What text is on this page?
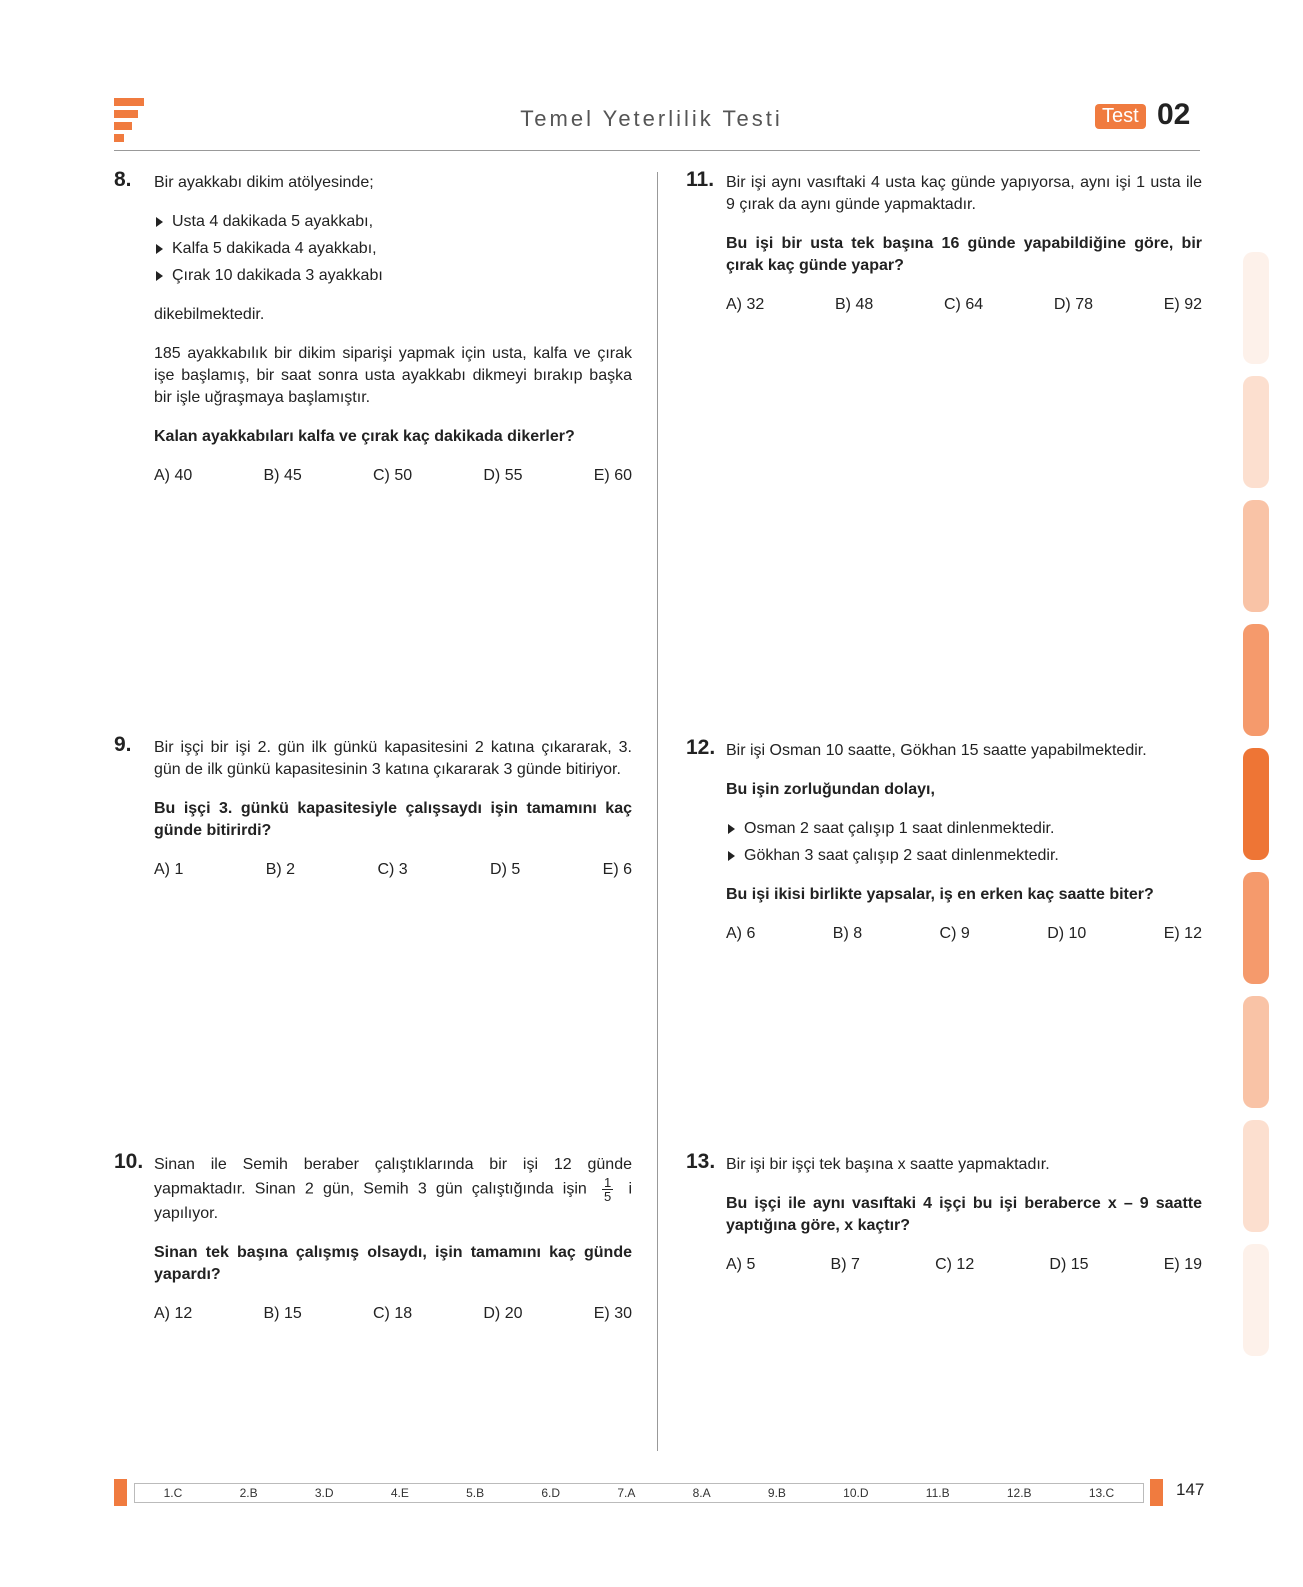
Temel Yeterlilik Testi	Test 02
8. Bir ayakkabı dikim atölyesinde;

Usta 4 dakikada 5 ayakkabı,
Kalfa 5 dakikada 4 ayakkabı,
Çırak 10 dakikada 3 ayakkabı

dikebilmektedir.

185 ayakkabılık bir dikim siparişi yapmak için usta, kalfa ve çırak işe başlamış, bir saat sonra usta ayakkabı dikmeyi bırakıp başka bir işle uğraşmaya başlamıştır.

Kalan ayakkabıları kalfa ve çırak kaç dakikada dikerler?

A) 40	B) 45	C) 50	D) 55	E) 60
9. Bir işçi bir işi 2. gün ilk günkü kapasitesini 2 katına çıkararak, 3. gün de ilk günkü kapasitesinin 3 katına çıkararak 3 günde bitiriyor.

Bu işçi 3. günkü kapasitesiyle çalışsaydı işin tamamını kaç günde bitirirdi?

A) 1	B) 2	C) 3	D) 5	E) 6
10. Sinan ile Semih beraber çalıştıklarında bir işi 12 günde yapmaktadır. Sinan 2 gün, Semih 3 gün çalıştığında işin $\frac{1}{5}$ i yapılıyor.

Sinan tek başına çalışmış olsaydı, işin tamamını kaç günde yapardı?

A) 12	B) 15	C) 18	D) 20	E) 30
11. Bir işi aynı vasıftaki 4 usta kaç günde yapıyorsa, aynı işi 1 usta ile 9 çırak da aynı günde yapmaktadır.

Bu işi bir usta tek başına 16 günde yapabildiğine göre, bir çırak kaç günde yapar?

A) 32	B) 48	C) 64	D) 78	E) 92
12. Bir işi Osman 10 saatte, Gökhan 15 saatte yapabilmektedir.

Bu işin zorluğundan dolayı,

Osman 2 saat çalışıp 1 saat dinlenmektedir.
Gökhan 3 saat çalışıp 2 saat dinlenmektedir.

Bu işi ikisi birlikte yapsalar, iş en erken kaç saatte biter?

A) 6	B) 8	C) 9	D) 10	E) 12
13. Bir işi bir işçi tek başına x saatte yapmaktadır.

Bu işçi ile aynı vasıftaki 4 işçi bu işi beraberce x – 9 saatte yaptığına göre, x kaçtır?

A) 5	B) 7	C) 12	D) 15	E) 19
1.C	2.B	3.D	4.E	5.B	6.D	7.A	8.A	9.B	10.D	11.B	12.B	13.C	147
